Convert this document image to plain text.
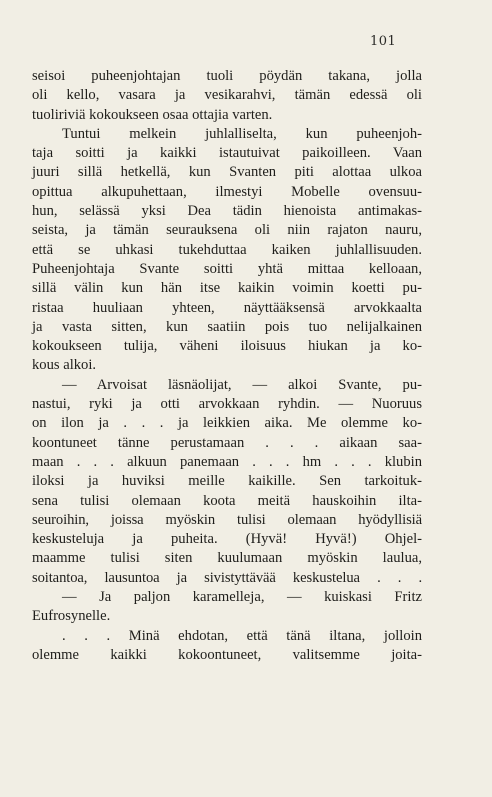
101
seisoi puheenjohtajan tuoli pöydän takana, jolla
oli kello, vasara ja vesikarahvi, tämän edessä oli
tuoliriviä kokoukseen osaa ottajia varten.
Tuntui melkein juhlalliselta, kun puheenjoh-
taja soitti ja kaikki istautuivat paikoilleen. Vaan
juuri sillä hetkellä, kun Svanten piti alottaa ulkoa
opittua alkupuhettaan, ilmestyi Mobelle ovensuu-
hun, selässä yksi Dea tädin hienoista antimakas-
seista, ja tämän seurauksena oli niin rajaton nauru,
että se uhkasi tukehduttaa kaiken juhlallisuuden.
Puheenjohtaja Svante soitti yhtä mittaa kelloaan,
sillä välin kun hän itse kaikin voimin koetti pu-
ristaa huuliaan yhteen, näyttääksensä arvokkaalta
ja vasta sitten, kun saatiin pois tuo nelijalkainen
kokoukseen tulija, väheni iloisuus hiukan ja ko-
kous alkoi.
— Arvoisat läsnäolijat, — alkoi Svante, pu-
nastui, ryki ja otti arvokkaan ryhdin. — Nuoruus
on ilon ja . . . ja leikkien aika. Me olemme ko-
koontuneet tänne perustamaan . . . aikaan saa-
maan . . . alkuun panemaan . . . hm . . . klubin
iloksi ja huviksi meille kaikille. Sen tarkoituk-
sena tulisi olemaan koota meitä hauskoihin ilta-
seuroihin, joissa myöskin tulisi olemaan hyödyllisiä
keskusteluja ja puheita. (Hyvä! Hyvä!) Ohjel-
maamme tulisi siten kuulumaan myöskin laulua,
soitantoa, lausuntoa ja sivistyttävää keskustelua . . .
— Ja paljon karamelleja, — kuiskasi Fritz
Eufrosynelle.
. . . Minä ehdotan, että tänä iltana, jolloin
olemme kaikki kokoontuneet, valitsemme joita-
